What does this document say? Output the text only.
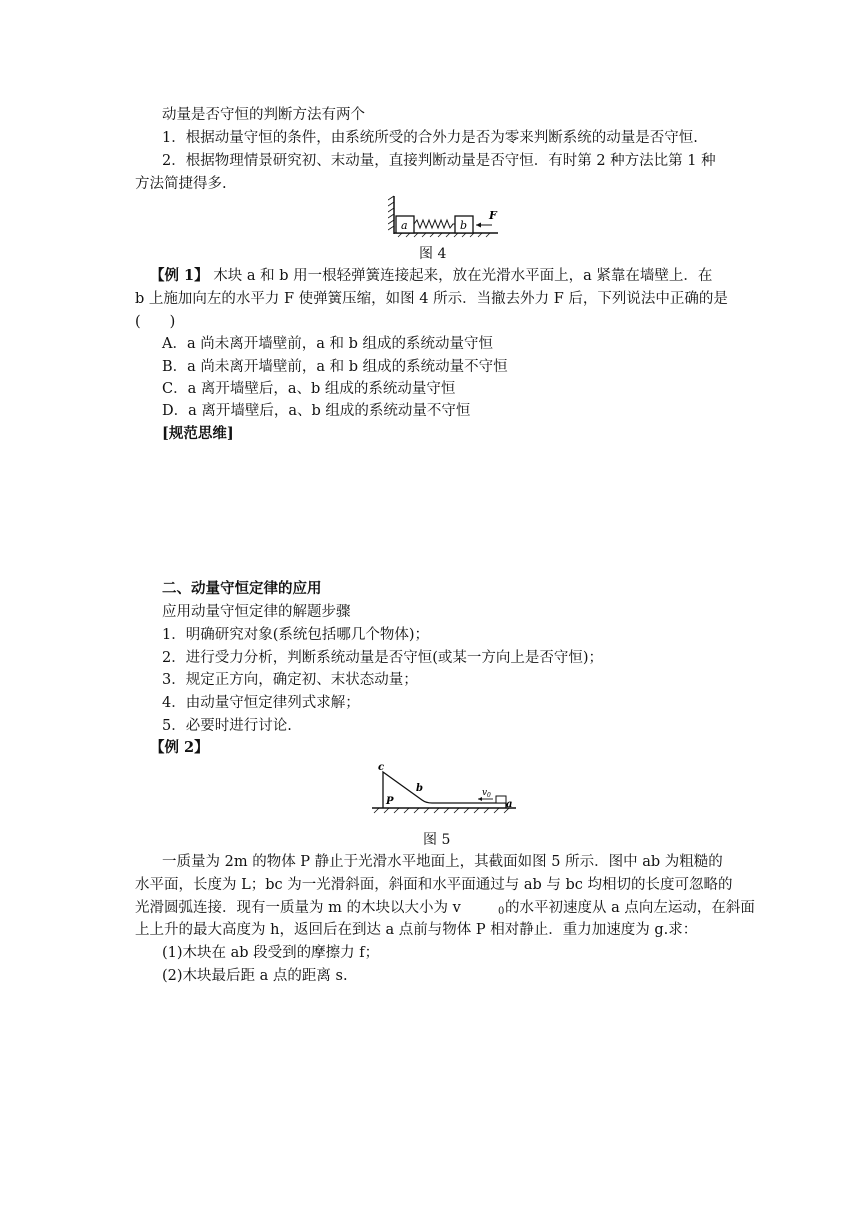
动量是否守恒的判断方法有两个
1．根据动量守恒的条件，由系统所受的合外力是否为零来判断系统的动量是否守恒.
2．根据物理情景研究初、末动量，直接判断动量是否守恒．有时第 2 种方法比第 1 种
方法简捷得多.
a	b
F
图 4
【例 1】 木块 a 和 b 用一根轻弹簧连接起来，放在光滑水平面上，a 紧靠在墙壁上．在
b 上施加向左的水平力 F 使弹簧压缩，如图 4 所示．当撤去外力 F 后，下列说法中正确的是
(　　)
A．a 尚未离开墙壁前，a 和 b 组成的系统动量守恒
B．a 尚未离开墙壁前，a 和 b 组成的系统动量不守恒
C．a 离开墙壁后，a、b 组成的系统动量守恒
D．a 离开墙壁后，a、b 组成的系统动量不守恒
[规范思维]
二、动量守恒定律的应用
应用动量守恒定律的解题步骤
1．明确研究对象(系统包括哪几个物体)；
2．进行受力分析，判断系统动量是否守恒(或某一方向上是否守恒)；
3．规定正方向，确定初、末状态动量；
4．由动量守恒定律列式求解；
5．必要时进行讨论.
【例 2】
c
b
P
v 0
a
图 5
一质量为 2m 的物体 P 静止于光滑水平地面上，其截面如图 5 所示．图中 ab 为粗糙的
水平面，长度为 L；bc 为一光滑斜面，斜面和水平面通过与 ab 与 bc 均相切的长度可忽略的
光滑圆弧连接．现有一质量为 m 的木块以大小为 v	0 的水平初速度从 a 点向左运动，在斜面
上上升的最大高度为 h，返回后在到达 a 点前与物体 P 相对静止．重力加速度为 g.求：
(1)木块在 ab 段受到的摩擦力 f；
(2)木块最后距 a 点的距离 s.
